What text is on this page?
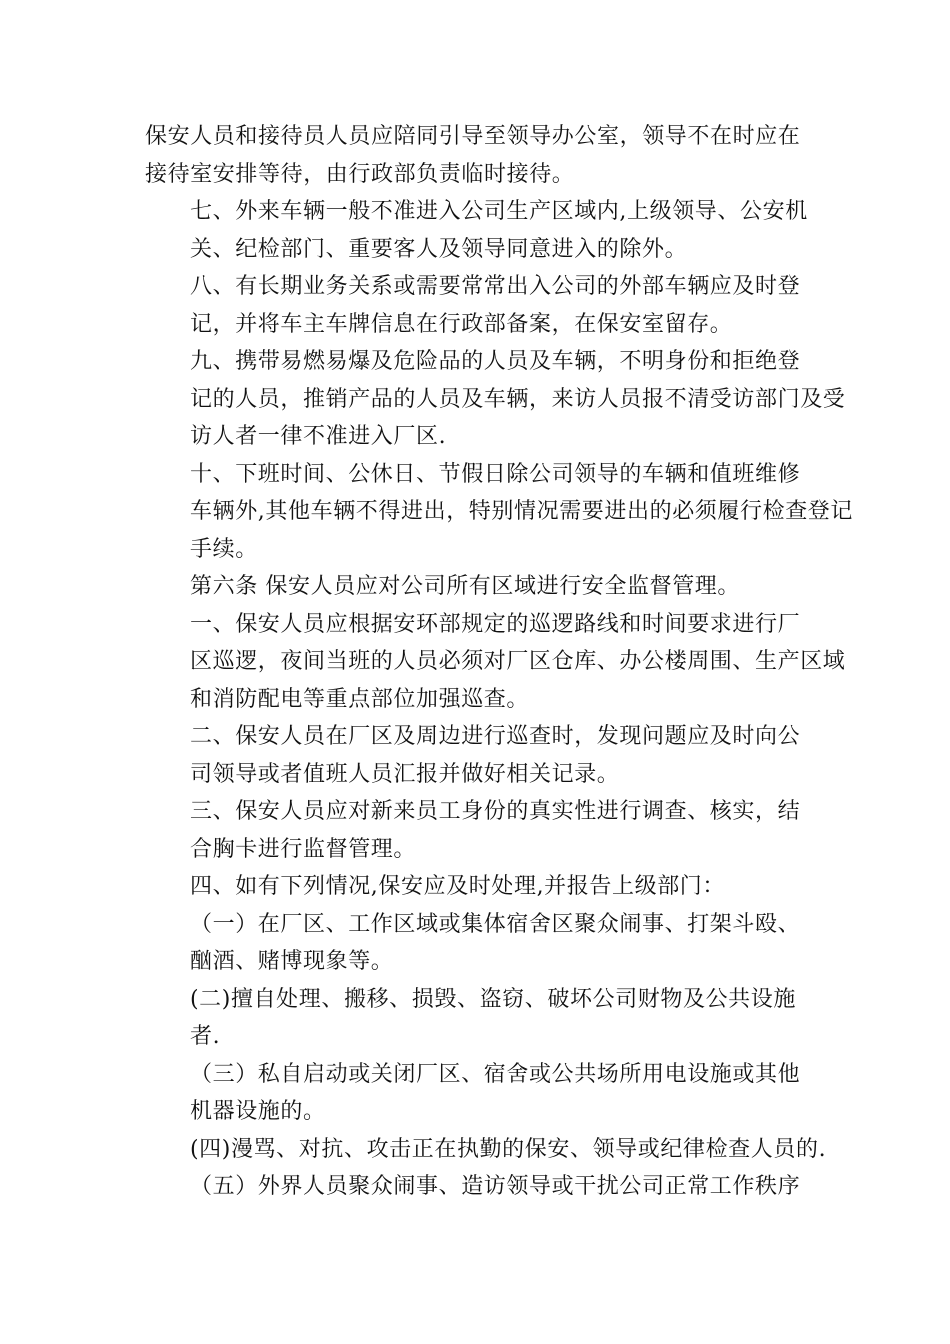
保安人员和接待员人员应陪同引导至领导办公室，领导不在时应在
接待室安排等待，由行政部负责临时接待。

七、外来车辆一般不准进入公司生产区域内,上级领导、公安机
关、纪检部门、重要客人及领导同意进入的除外。

八、有长期业务关系或需要常常出入公司的外部车辆应及时登
记，并将车主车牌信息在行政部备案，在保安室留存。

九、携带易燃易爆及危险品的人员及车辆，不明身份和拒绝登
记的人员，推销产品的人员及车辆，来访人员报不清受访部门及受
访人者一律不准进入厂区.

十、下班时间、公休日、节假日除公司领导的车辆和值班维修
车辆外,其他车辆不得进出，特别情况需要进出的必须履行检查登记
手续。

第六条 保安人员应对公司所有区域进行安全监督管理。

一、保安人员应根据安环部规定的巡逻路线和时间要求进行厂
区巡逻，夜间当班的人员必须对厂区仓库、办公楼周围、生产区域
和消防配电等重点部位加强巡查。

二、保安人员在厂区及周边进行巡查时，发现问题应及时向公
司领导或者值班人员汇报并做好相关记录。

三、保安人员应对新来员工身份的真实性进行调查、核实，结
合胸卡进行监督管理。

四、如有下列情况,保安应及时处理,并报告上级部门：

（一）在厂区、工作区域或集体宿舍区聚众闹事、打架斗殴、
酗酒、赌博现象等。

(二)擅自处理、搬移、损毁、盗窃、破坏公司财物及公共设施
者.

（三）私自启动或关闭厂区、宿舍或公共场所用电设施或其他
机器设施的。

(四)漫骂、对抗、攻击正在执勤的保安、领导或纪律检查人员的.

（五）外界人员聚众闹事、造访领导或干扰公司正常工作秩序
